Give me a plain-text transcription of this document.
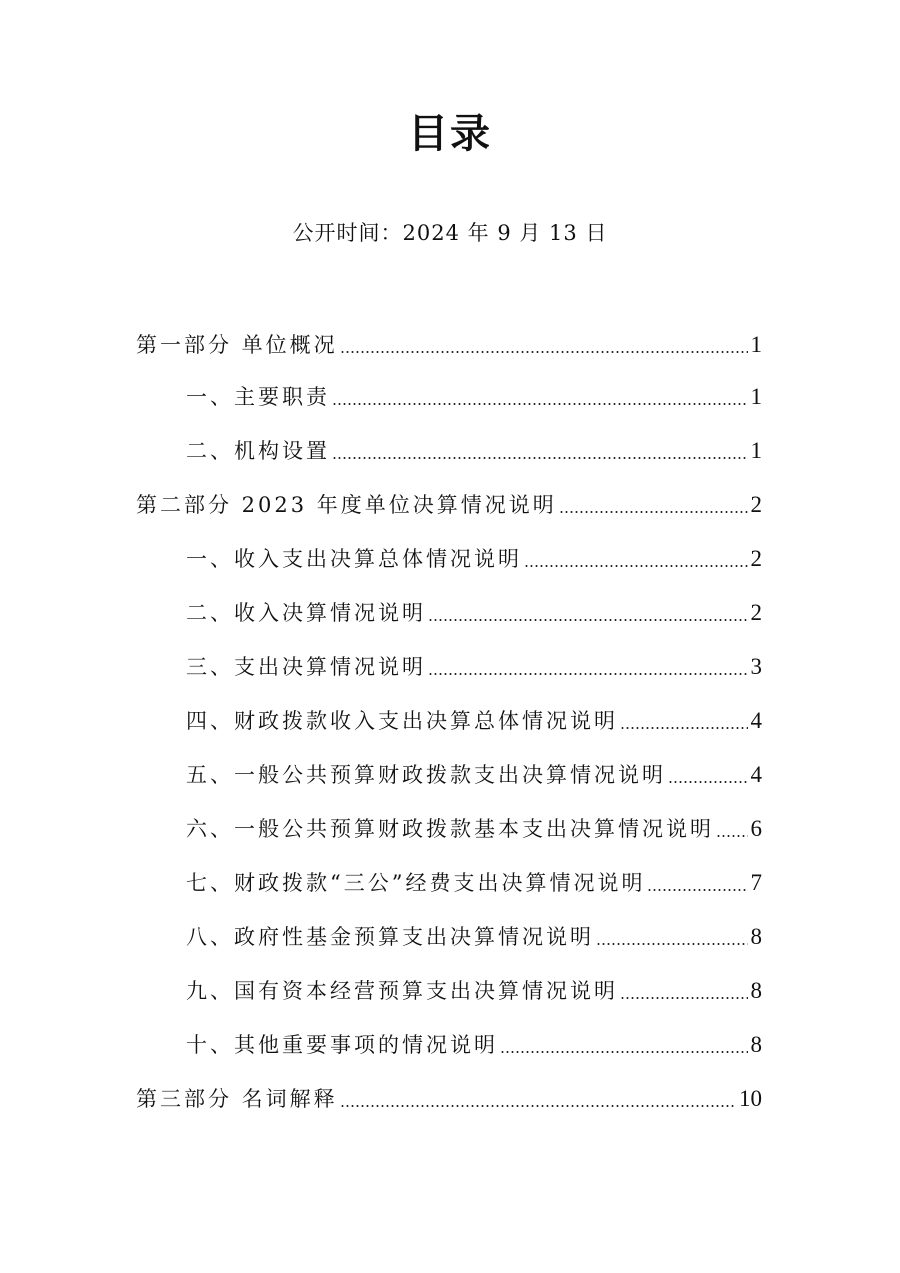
目录
公开时间：2024 年 9 月 13 日
第一部分 单位概况	1
一、主要职责	1
二、机构设置	1
第二部分 2023 年度单位决算情况说明	2
一、收入支出决算总体情况说明	2
二、收入决算情况说明	2
三、支出决算情况说明	3
四、财政拨款收入支出决算总体情况说明	4
五、一般公共预算财政拨款支出决算情况说明	4
六、一般公共预算财政拨款基本支出决算情况说明 6
七、财政拨款“三公”经费支出决算情况说明	7
八、政府性基金预算支出决算情况说明	8
九、国有资本经营预算支出决算情况说明	8
十、其他重要事项的情况说明	8
第三部分 名词解释	10
